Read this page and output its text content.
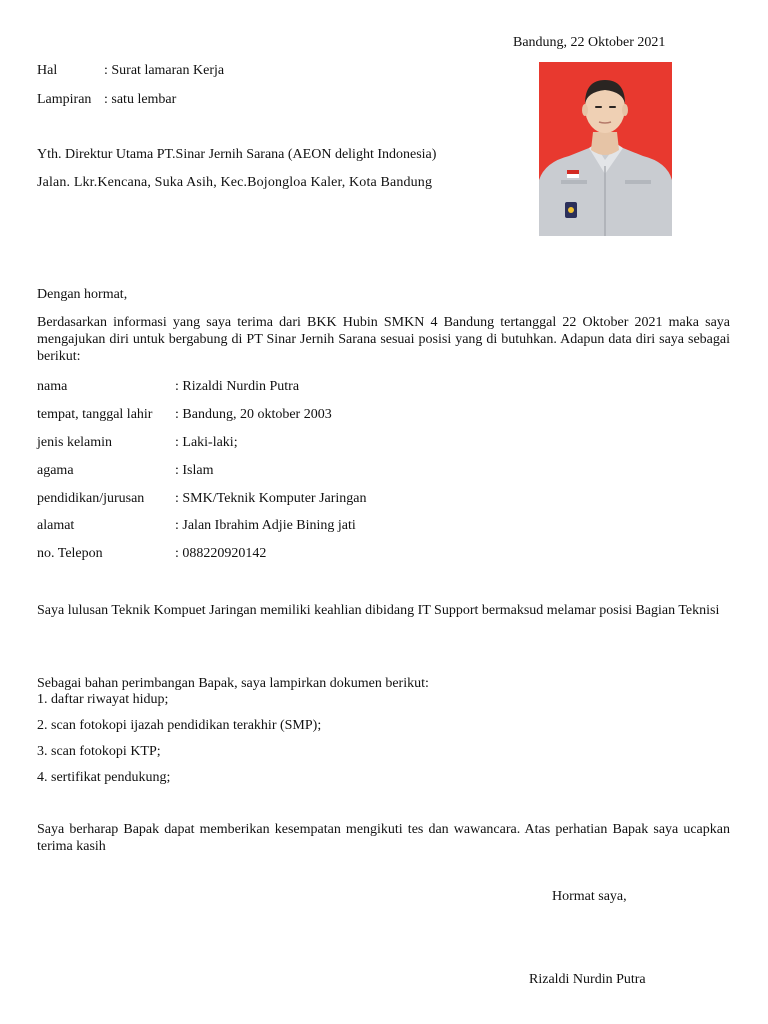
Bandung, 22 Oktober 2021
Hal	: Surat lamaran Kerja
Lampiran : satu lembar
Yth. Direktur Utama PT.Sinar Jernih Sarana (AEON delight Indonesia)
Jalan. Lkr.Kencana, Suka Asih, Kec.Bojongloa Kaler, Kota Bandung
Dengan hormat,
Berdasarkan informasi yang saya terima dari BKK Hubin SMKN 4 Bandung tertanggal 22 Oktober 2021 maka saya mengajukan diri untuk bergabung di PT Sinar Jernih Sarana sesuai posisi yang di butuhkan. Adapun data diri saya sebagai berikut:
nama	: Rizaldi Nurdin Putra
tempat, tanggal lahir : Bandung, 20 oktober 2003
jenis kelamin	: Laki-laki;
agama	: Islam
pendidikan/jurusan : SMK/Teknik Komputer Jaringan
alamat	: Jalan Ibrahim Adjie Bining jati
no. Telepon	: 088220920142
Saya lulusan Teknik Kompuet Jaringan memiliki keahlian dibidang IT Support bermaksud melamar posisi Bagian Teknisi
Sebagai bahan perimbangan Bapak, saya lampirkan dokumen berikut:
1. daftar riwayat hidup;
2. scan fotokopi ijazah pendidikan terakhir (SMP);
3. scan fotokopi KTP;
4. sertifikat pendukung;
Saya berharap Bapak dapat memberikan kesempatan mengikuti tes dan wawancara. Atas perhatian Bapak saya ucapkan terima kasih
Hormat saya,
Rizaldi Nurdin Putra
